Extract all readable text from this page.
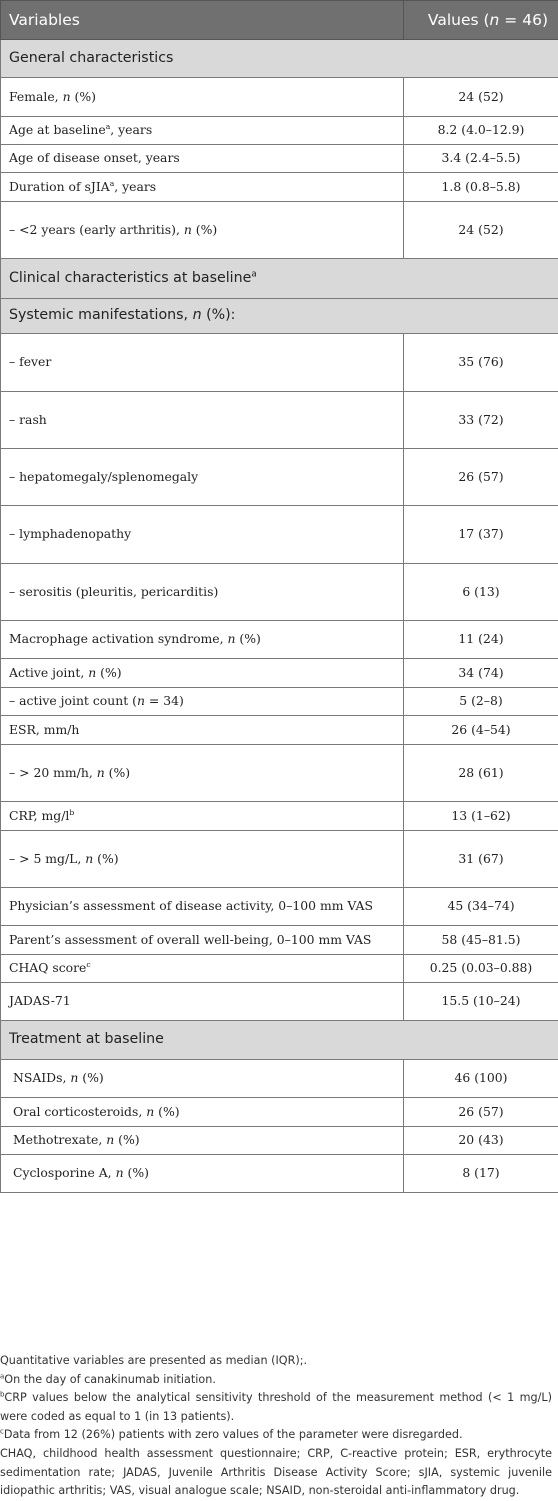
Variables	Values (n = 46)
General characteristics	
Female, n (%)	24 (52)
Age at baseline$^a$, years	8.2 (4.0–12.9)
Age of disease onset, years	3.4 (2.4–5.5)
Duration of sJIA$^a$, years	1.8 (0.8–5.8)
– <2 years (early arthritis), n (%)	24 (52)
Clinical characteristics at baseline$^a$
Systemic manifestations, n (%):	
– fever	35 (76)
– rash	33 (72)
– hepatomegaly/splenomegaly	26 (57)
– lymphadenopathy	17 (37)
– serositis (pleuritis, pericarditis)	6 (13)
Macrophage activation syndrome, n (%)	11 (24)
Active joint, n (%)	34 (74)
– active joint count (n = 34)	5 (2–8)
ESR, mm/h	26 (4–54)
– > 20 mm/h, n (%)	28 (61)
CRP, $mg/l^b$	13 (1–62)
– > 5 mg/L, n (%)	31 (67)
Physician’s assessment of disease activity, 0–100 mm VAS	45 (34–74)
Parent’s assessment of overall well-being, 0–100 mm VAS	58 (45–81.5)
CHAQ score$^c$	0.25 (0.03–0.88)
JADAS-71	15.5 (10–24)
Treatment at baseline	
NSAIDs, n (%)	46 (100)
Oral corticosteroids, n (%)	26 (57)
Methotrexate, n (%)	20 (43)
Cyclosporine A, n (%)	8 (17)

Quantitative variables are presented as median (IQR);.

$^a$On the day of canakinumab initiation.

$^b$CRP values below the analytical sensitivity threshold of the measurement method (< 1 mg/L) were coded as equal to 1 (in 13 patients).

$^c$Data from 12 (26%) patients with zero values of the parameter were disregarded.

CHAQ, childhood health assessment questionnaire; CRP, C-reactive protein; ESR, erythrocyte sedimentation rate; JADAS, Juvenile Arthritis Disease Activity Score; sJIA, systemic juvenile idiopathic arthritis; VAS, visual analogue scale; NSAID, non-steroidal anti-inflammatory drug.
